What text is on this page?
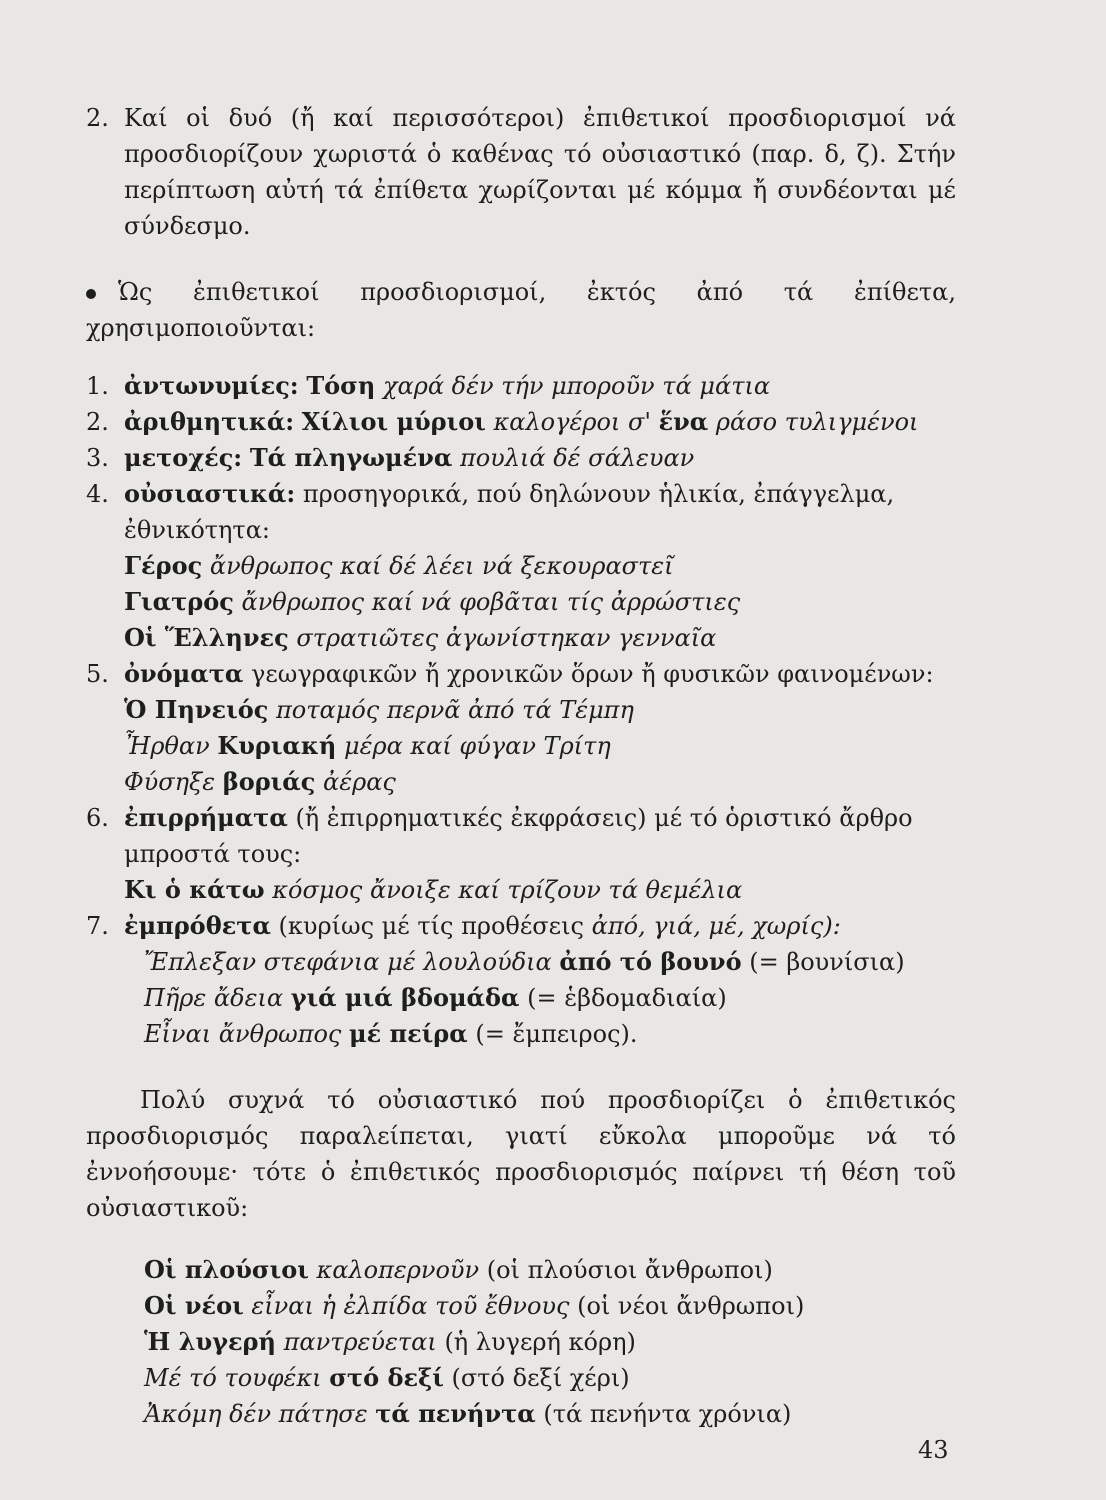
2. Καί οἱ δυό (ἤ καί περισσότεροι) ἐπιθετικοί προσδιορισμοί νά προσδιορίζουν χωριστά ὁ καθένας τό οὐσιαστικό (παρ. δ, ζ). Στήν περίπτωση αὐτή τά ἐπίθετα χωρίζονται μέ κόμμα ἤ συνδέονται μέ σύνδεσμο.

Ὡς ἐπιθετικοί προσδιορισμοί, ἐκτός ἀπό τά ἐπίθετα, χρησιμοποιοῦνται:

1. ἀντωνυμίες: Τόση χαρά δέν τήν μποροῦν τά μάτια
2. ἀριθμητικά: Χίλιοι μύριοι καλογέροι σ' ἕνα ράσο τυλιγμένοι
3. μετοχές: Τά πληγωμένα πουλιά δέ σάλευαν
4. οὐσιαστικά: προσηγορικά, πού δηλώνουν ἡλικία, ἐπάγγελμα, ἐθνικότητα:

Γέρος ἄνθρωπος καί δέ λέει νά ξεκουραστεῖ

Γιατρός ἄνθρωπος καί νά φοβᾶται τίς ἀρρώστιες

Οἱ Ἕλληνες στρατιῶτες ἀγωνίστηκαν γενναῖα

5. ὀνόματα γεωγραφικῶν ἤ χρονικῶν ὅρων ἤ φυσικῶν φαινομένων:

Ὁ Πηνειός ποταμός περνᾶ ἀπό τά Τέμπη

Ἦρθαν Κυριακή μέρα καί φύγαν Τρίτη

Φύσηξε βοριάς ἀέρας

6. ἐπιρρήματα (ἤ ἐπιρρηματικές ἐκφράσεις) μέ τό ὁριστικό ἄρθρο μπροστά τους:

Κι ὁ κάτω κόσμος ἄνοιξε καί τρίζουν τά θεμέλια

7. ἐμπρόθετα (κυρίως μέ τίς προθέσεις ἀπό, γιά, μέ, χωρίς):

Ἔπλεξαν στεφάνια μέ λουλούδια ἀπό τό βουνό (= βουνίσια)

Πῆρε ἄδεια γιά μιά βδομάδα (= ἑβδομαδιαία)

Εἶναι ἄνθρωπος μέ πείρα (= ἔμπειρος).

Πολύ συχνά τό οὐσιαστικό πού προσδιορίζει ὁ ἐπιθετικός προσδιορισμός παραλείπεται, γιατί εὔκολα μποροῦμε νά τό ἐννοήσουμε· τότε ὁ ἐπιθετικός προσδιορισμός παίρνει τή θέση τοῦ οὐσιαστικοῦ:

Οἱ πλούσιοι καλοπερνοῦν (οἱ πλούσιοι ἄνθρωποι)

Οἱ νέοι εἶναι ἡ ἐλπίδα τοῦ ἔθνους (οἱ νέοι ἄνθρωποι)

Ἡ λυγερή παντρεύεται (ἡ λυγερή κόρη)

Μέ τό τουφέκι στό δεξί (στό δεξί χέρι)

Ἀκόμη δέν πάτησε τά πενήντα (τά πενήντα χρόνια)

43
